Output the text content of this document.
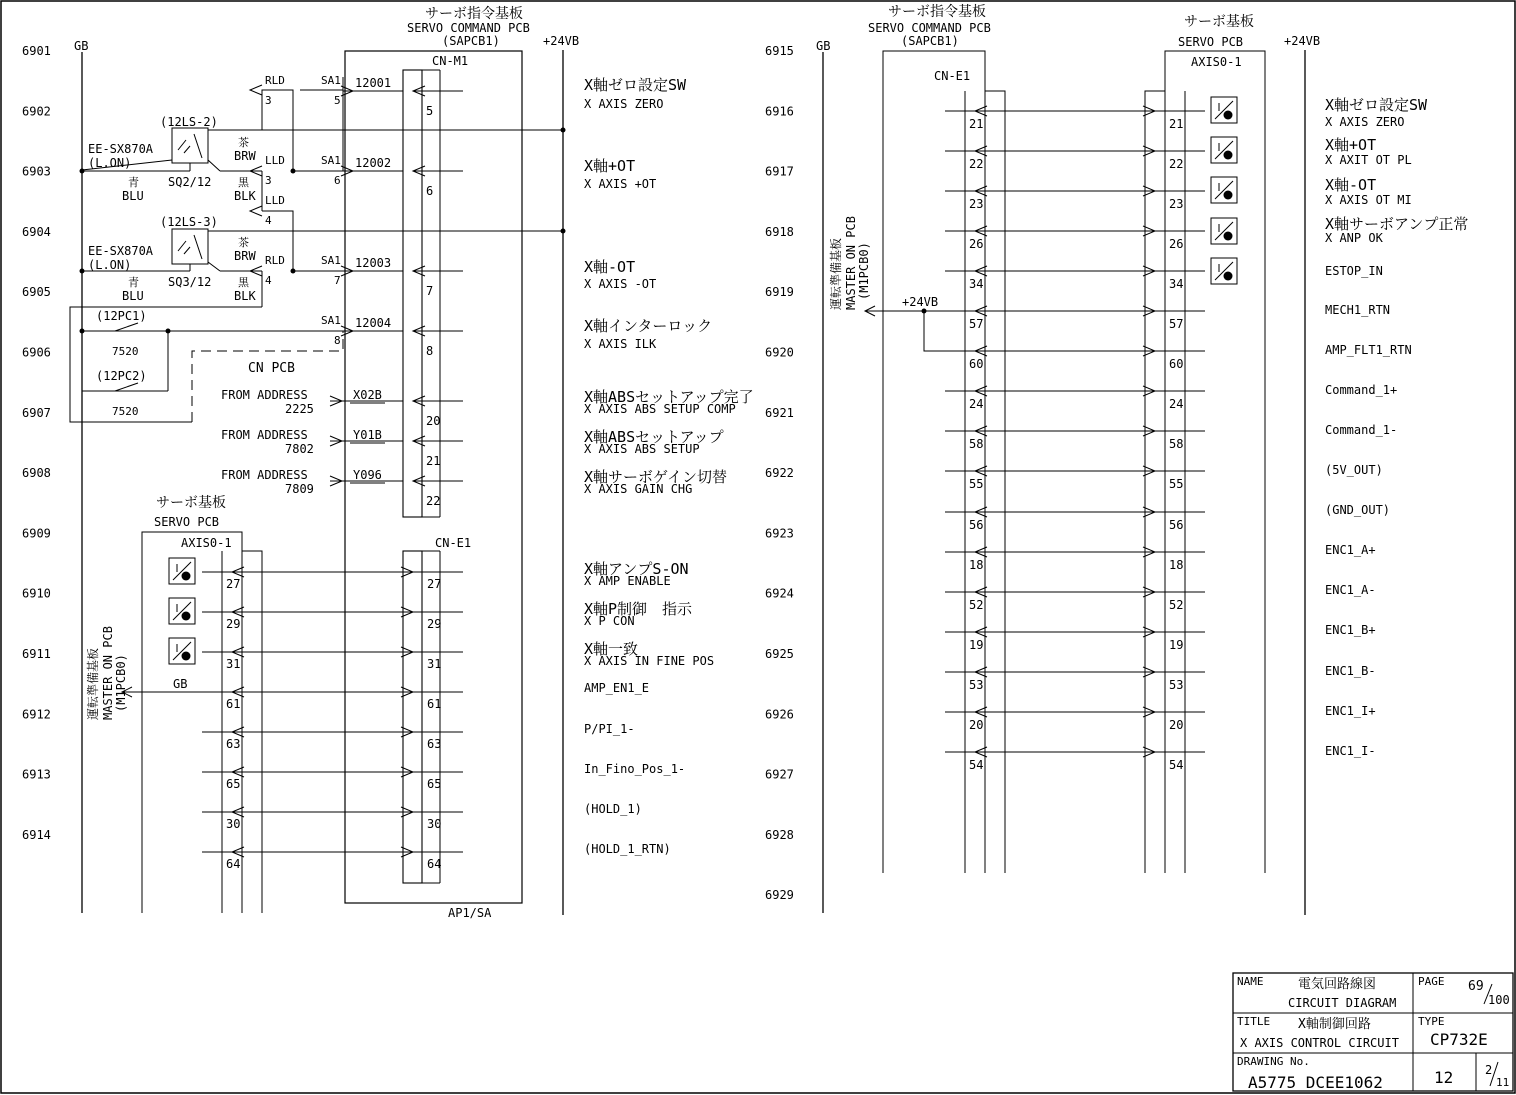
6901
6902
6903
6904
6905
6906
6907
6908
6909
6910
6911
6912
6913
6914
GB	+24VB
サーボ指令基板
SERVO COMMAND PCB
(SAPCB1)
AP1/SA
CN-M1
5
6
7
8
20
21
22
CN-E1
(12LS-2)
EE-SX870A
(L.ON)
SQ2/12
青
BLU
茶
BRW
黒
BLK
(12LS-3)
EE-SX870A
(L.ON)
SQ3/12
青
BLU
茶
BRW
黒
BLK
RLD	SA1
LLD	SA1
LLD
RLD	SA1
SA1
3	5
3	6
4
4	7
8
12001
12002
12003
12004
(12PC1)
7520
(12PC2)
7520
CN PCB
FROM ADDRESS
2225
FROM ADDRESS
7802
FROM ADDRESS
7809
X02B
Y01B
Y096
サーボ基板
SERVO PCB
AXIS0-1
運転準備基板 MASTER ON PCB (M1PCB0)	GB
27	27
29	29
31	31
61	61
63	63
65	65
30	30
64	64
X軸ゼロ設定SW
X AXIS ZERO
X軸+OT
X AXIS +OT
X軸-OT
X AXIS -OT
X軸インターロック
X AXIS ILK
X軸ABSセットアップ完了
X AXIS ABS SETUP COMP
X軸ABSセットアップ
X AXIS ABS SETUP
X軸サーボゲイン切替
X AXIS GAIN CHG
X軸アンプS-ON
X AMP ENABLE
X軸P制御　指示
X P CON
X軸一致
X AXIS IN FINE POS
AMP_EN1_E
P/PI_1-
In_Fino_Pos_1-
(HOLD_1)
(HOLD_1_RTN)
6915
6916
6917
6918
6919
6920
6921
6922
6923
6924
6925
6926
6927
6928
6929
GB	+24VB
サーボ指令基板
SERVO COMMAND PCB
(SAPCB1)
CN-E1
サーボ基板
SERVO PCB
AXIS0-1
運転準備基板 MASTER ON PCB (M1PCB0)
+24VB
21	21
22	22
23	23
26	26
34	34
57	57
60	60
24	24
58	58
55	55
56	56
18	18
52	52
19	19
53	53
20	20
54	54
X軸ゼロ設定SW
X AXIS ZERO
X軸+OT
X AXIT OT PL
X軸-OT
X AXIS OT MI
X軸サーボアンプ正常
X ANP OK
ESTOP_IN
MECH1_RTN
AMP_FLT1_RTN
Command_1+
Command_1-
(5V_OUT)
(GND_OUT)
ENC1_A+
ENC1_A-
ENC1_B+
ENC1_B-
ENC1_I+
ENC1_I-
NAME	電気回路線図
CIRCUIT DIAGRAM
PAGE 69
100
TITLE X軸制御回路
X AXIS CONTROL CIRCUIT
TYPE
CP732E
DRAWING No.
A5775 DCEE1062	12	2
11
